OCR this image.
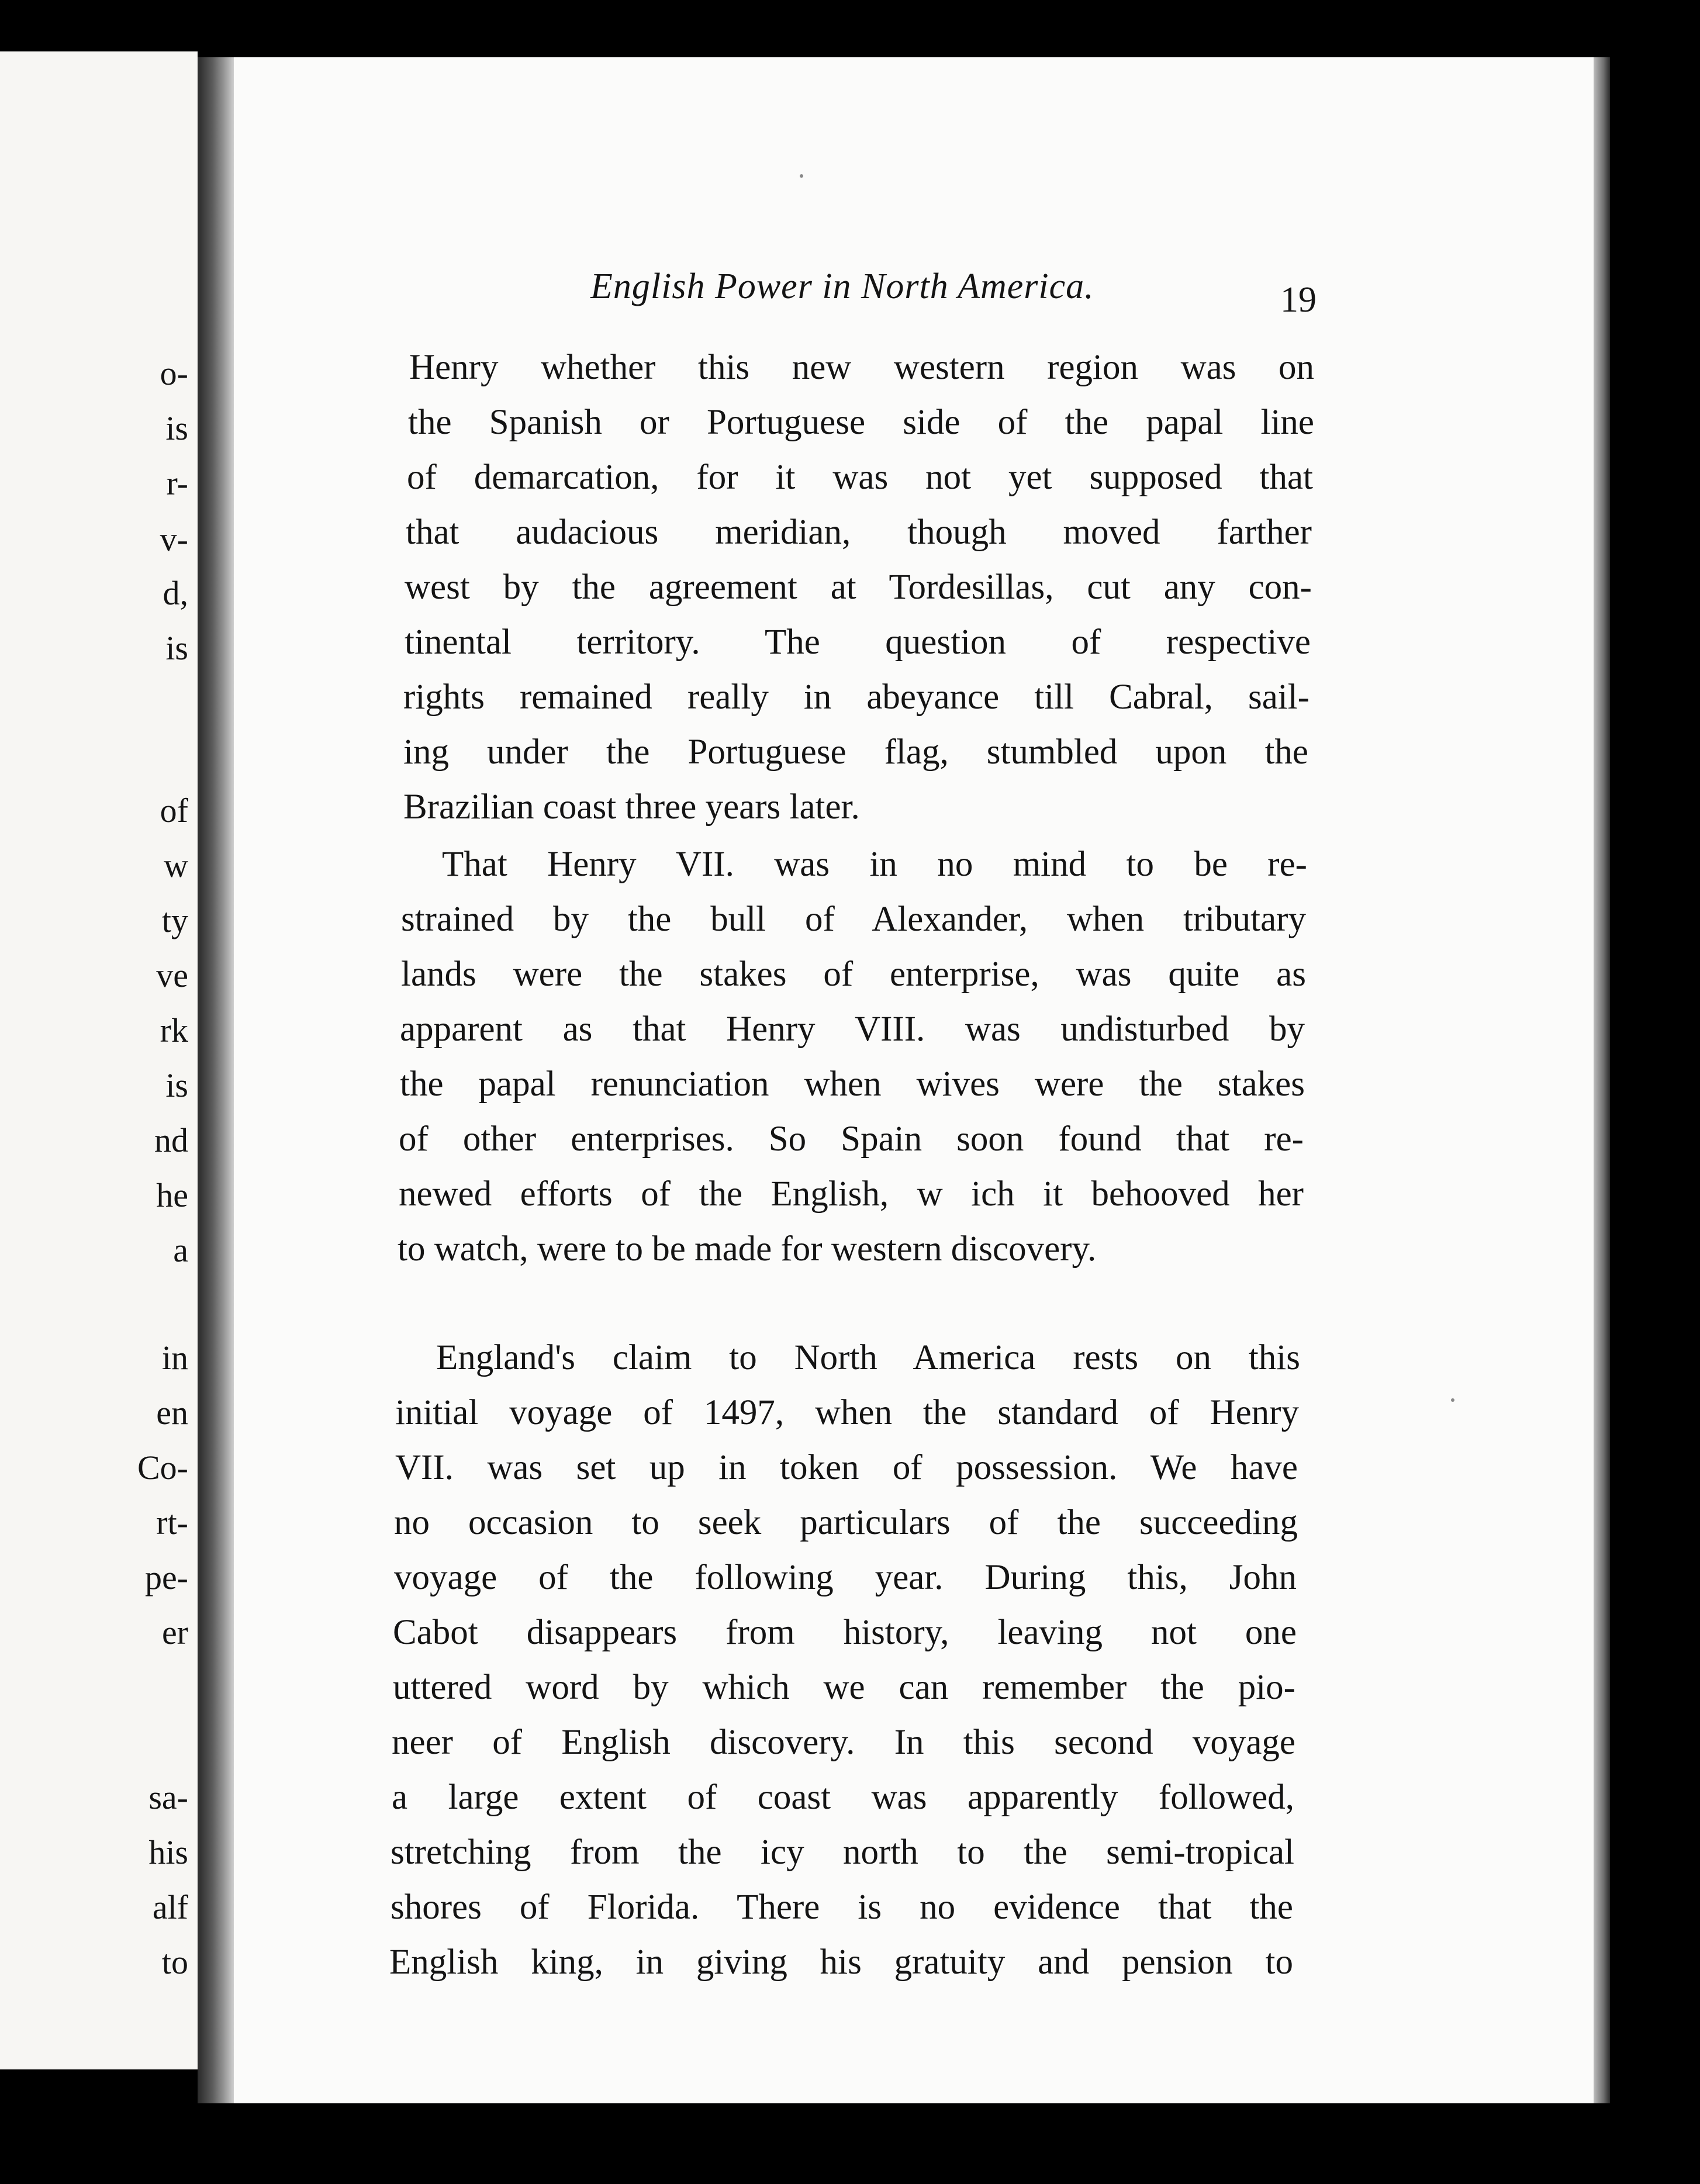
o-
is
r-
v-
d,
is
of
w
ty
ve
rk
is
nd
he
a
in
en
Co-
rt-
pe-
er
sa-
his
alf
to
English Power in North America.	19
Henry whether this new western region was on
the Spanish or Portuguese side of the papal line
of demarcation, for it was not yet supposed that
that audacious meridian, though moved farther
west by the agreement at Tordesillas, cut any con-
tinental territory. The question of respective
rights remained really in abeyance till Cabral, sail-
ing under the Portuguese flag, stumbled upon the
Brazilian coast three years later.
That Henry VII. was in no mind to be re-
strained by the bull of Alexander, when tributary
lands were the stakes of enterprise, was quite as
apparent as that Henry VIII. was undisturbed by
the papal renunciation when wives were the stakes
of other enterprises. So Spain soon found that re-
newed efforts of the English, w ich it behooved her
to watch, were to be made for western discovery.
England's claim to North America rests on this
initial voyage of 1497, when the standard of Henry
VII. was set up in token of possession. We have
no occasion to seek particulars of the succeeding
voyage of the following year. During this, John
Cabot disappears from history, leaving not one
uttered word by which we can remember the pio-
neer of English discovery. In this second voyage
a large extent of coast was apparently followed,
stretching from the icy north to the semi-tropical
shores of Florida. There is no evidence that the
English king, in giving his gratuity and pension to
